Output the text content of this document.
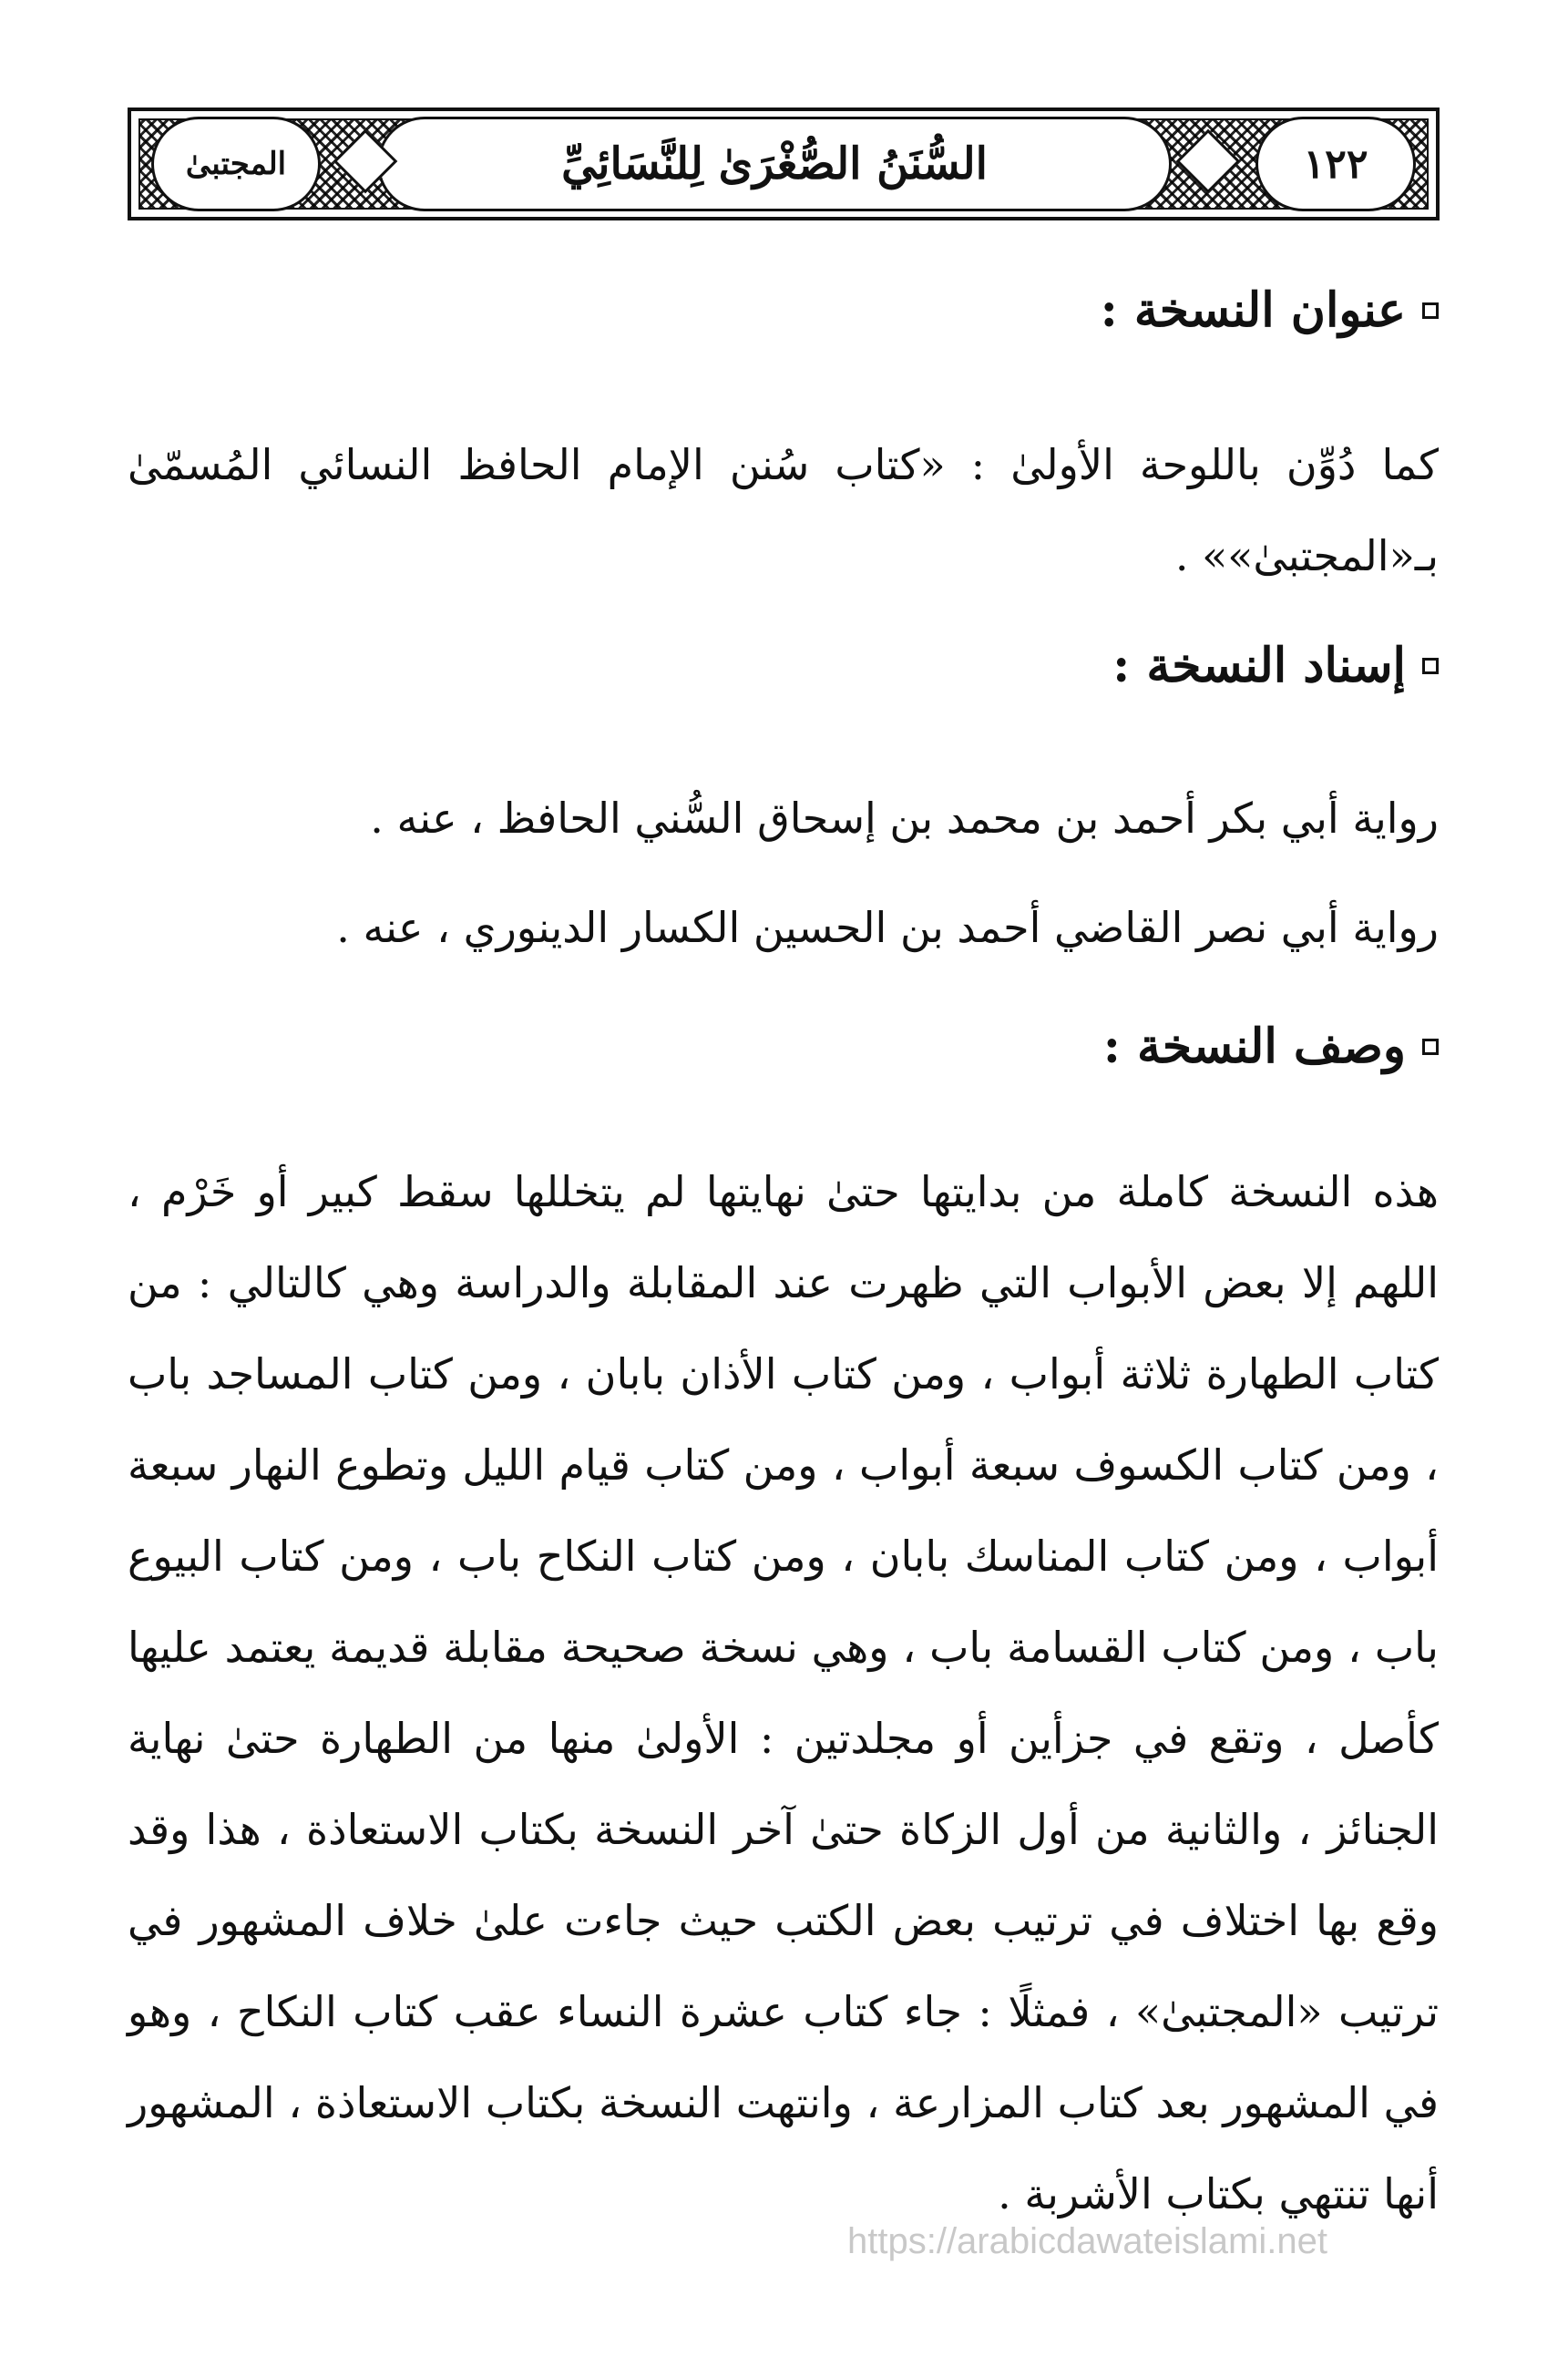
١٢٢
السُّنَنُ الصُّغْرَىٰ لِلنَّسَائِيِّ
المجتبىٰ
عنوان النسخة :

كما دُوِّن باللوحة الأولىٰ : «كتاب سُنن الإمام الحافظ النسائي المُسمّىٰ بـ«المجتبىٰ»» .

إسناد النسخة :

رواية أبي بكر أحمد بن محمد بن إسحاق السُّني الحافظ ، عنه .

رواية أبي نصر القاضي أحمد بن الحسين الكسار الدينوري ، عنه .

وصف النسخة :

هذه النسخة كاملة من بدايتها حتىٰ نهايتها لم يتخللها سقط كبير أو خَرْم ، اللهم إلا بعض الأبواب التي ظهرت عند المقابلة والدراسة وهي كالتالي : من كتاب الطهارة ثلاثة أبواب ، ومن كتاب الأذان بابان ، ومن كتاب المساجد باب ، ومن كتاب الكسوف سبعة أبواب ، ومن كتاب قيام الليل وتطوع النهار سبعة أبواب ، ومن كتاب المناسك بابان ، ومن كتاب النكاح باب ، ومن كتاب البيوع باب ، ومن كتاب القسامة باب ، وهي نسخة صحيحة مقابلة قديمة يعتمد عليها كأصل ، وتقع في جزأين أو مجلدتين : الأولىٰ منها من الطهارة حتىٰ نهاية الجنائز ، والثانية من أول الزكاة حتىٰ آخر النسخة بكتاب الاستعاذة ، هذا وقد وقع بها اختلاف في ترتيب بعض الكتب حيث جاءت علىٰ خلاف المشهور في ترتيب «المجتبىٰ» ، فمثلًا : جاء كتاب عشرة النساء عقب كتاب النكاح ، وهو في المشهور بعد كتاب المزارعة ، وانتهت النسخة بكتاب الاستعاذة ، المشهور أنها تنتهي بكتاب الأشربة .

https://arabicdawateislami.net
